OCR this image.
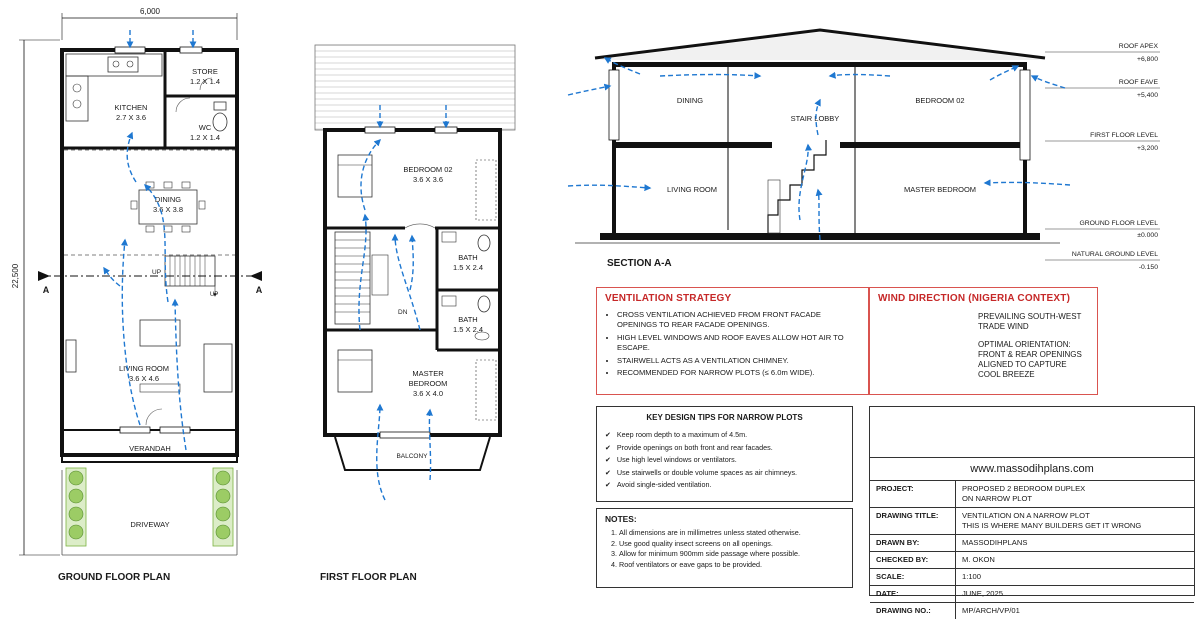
6,000
22,500
KITCHEN
2.7 X 3.6
STORE
1.2 X 1.4
WC
1.2 X 1.4
DINING
3.6 X 3.8
UP
UP
A	A
LIVING ROOM
3.6 X 4.6
VERANDAH
DRIVEWAY
GROUND FLOOR PLAN
BEDROOM 02
3.6 X 3.6
DN
BATH
1.5 X 2.4
BATH
1.5 X 2.4
MASTER
BEDROOM
3.6 X 4.0
BALCONY
FIRST FLOOR PLAN
DINING
STAIR LOBBY
BEDROOM 02
LIVING ROOM	MASTER BEDROOM
ROOF APEX
+6,800
ROOF EAVE
+5,400
FIRST FLOOR LEVEL
+3,200
GROUND FLOOR LEVEL
±0.000
NATURAL GROUND LEVEL
-0.150
SECTION A-A
VENTILATION STRATEGY
• CROSS VENTILATION ACHIEVED FROM FRONT FACADE OPENINGS TO REAR FACADE OPENINGS.
• HIGH LEVEL WINDOWS AND ROOF EAVES ALLOW HOT AIR TO ESCAPE.
• STAIRWELL ACTS AS A VENTILATION CHIMNEY.
• RECOMMENDED FOR NARROW PLOTS (≤ 6.0m WIDE).
WIND DIRECTION (NIGERIA CONTEXT)

PREVAILING SOUTH-WEST

TRADE WIND

OPTIMAL ORIENTATION:

FRONT & REAR OPENINGS

ALIGNED TO CAPTURE

COOL BREEZE

KEY DESIGN TIPS FOR NARROW PLOTS
✔ Keep room depth to a maximum of 4.5m.
✔ Provide openings on both front and rear facades.
✔ Use high level windows or ventilators.
✔ Use stairwells or double volume spaces as air chimneys.
✔ Avoid single-sided ventilation.
NOTES:
1. All dimensions are in millimetres unless stated otherwise.
2. Use good quality insect screens on all openings.
3. Allow for minimum 900mm side passage where possible.
4. Roof ventilators or eave gaps to be provided.
www.massodihplans.com
PROJECT:	PROPOSED 2 BEDROOM DUPLEX
ON NARROW PLOT
DRAWING TITLE:	VENTILATION ON A NARROW PLOT
THIS IS WHERE MANY BUILDERS GET IT WRONG
DRAWN BY:	MASSODIHPLANS
CHECKED BY:	M. OKON
SCALE:	1:100
DATE:	JUNE, 2025
DRAWING NO.:	MP/ARCH/VP/01
